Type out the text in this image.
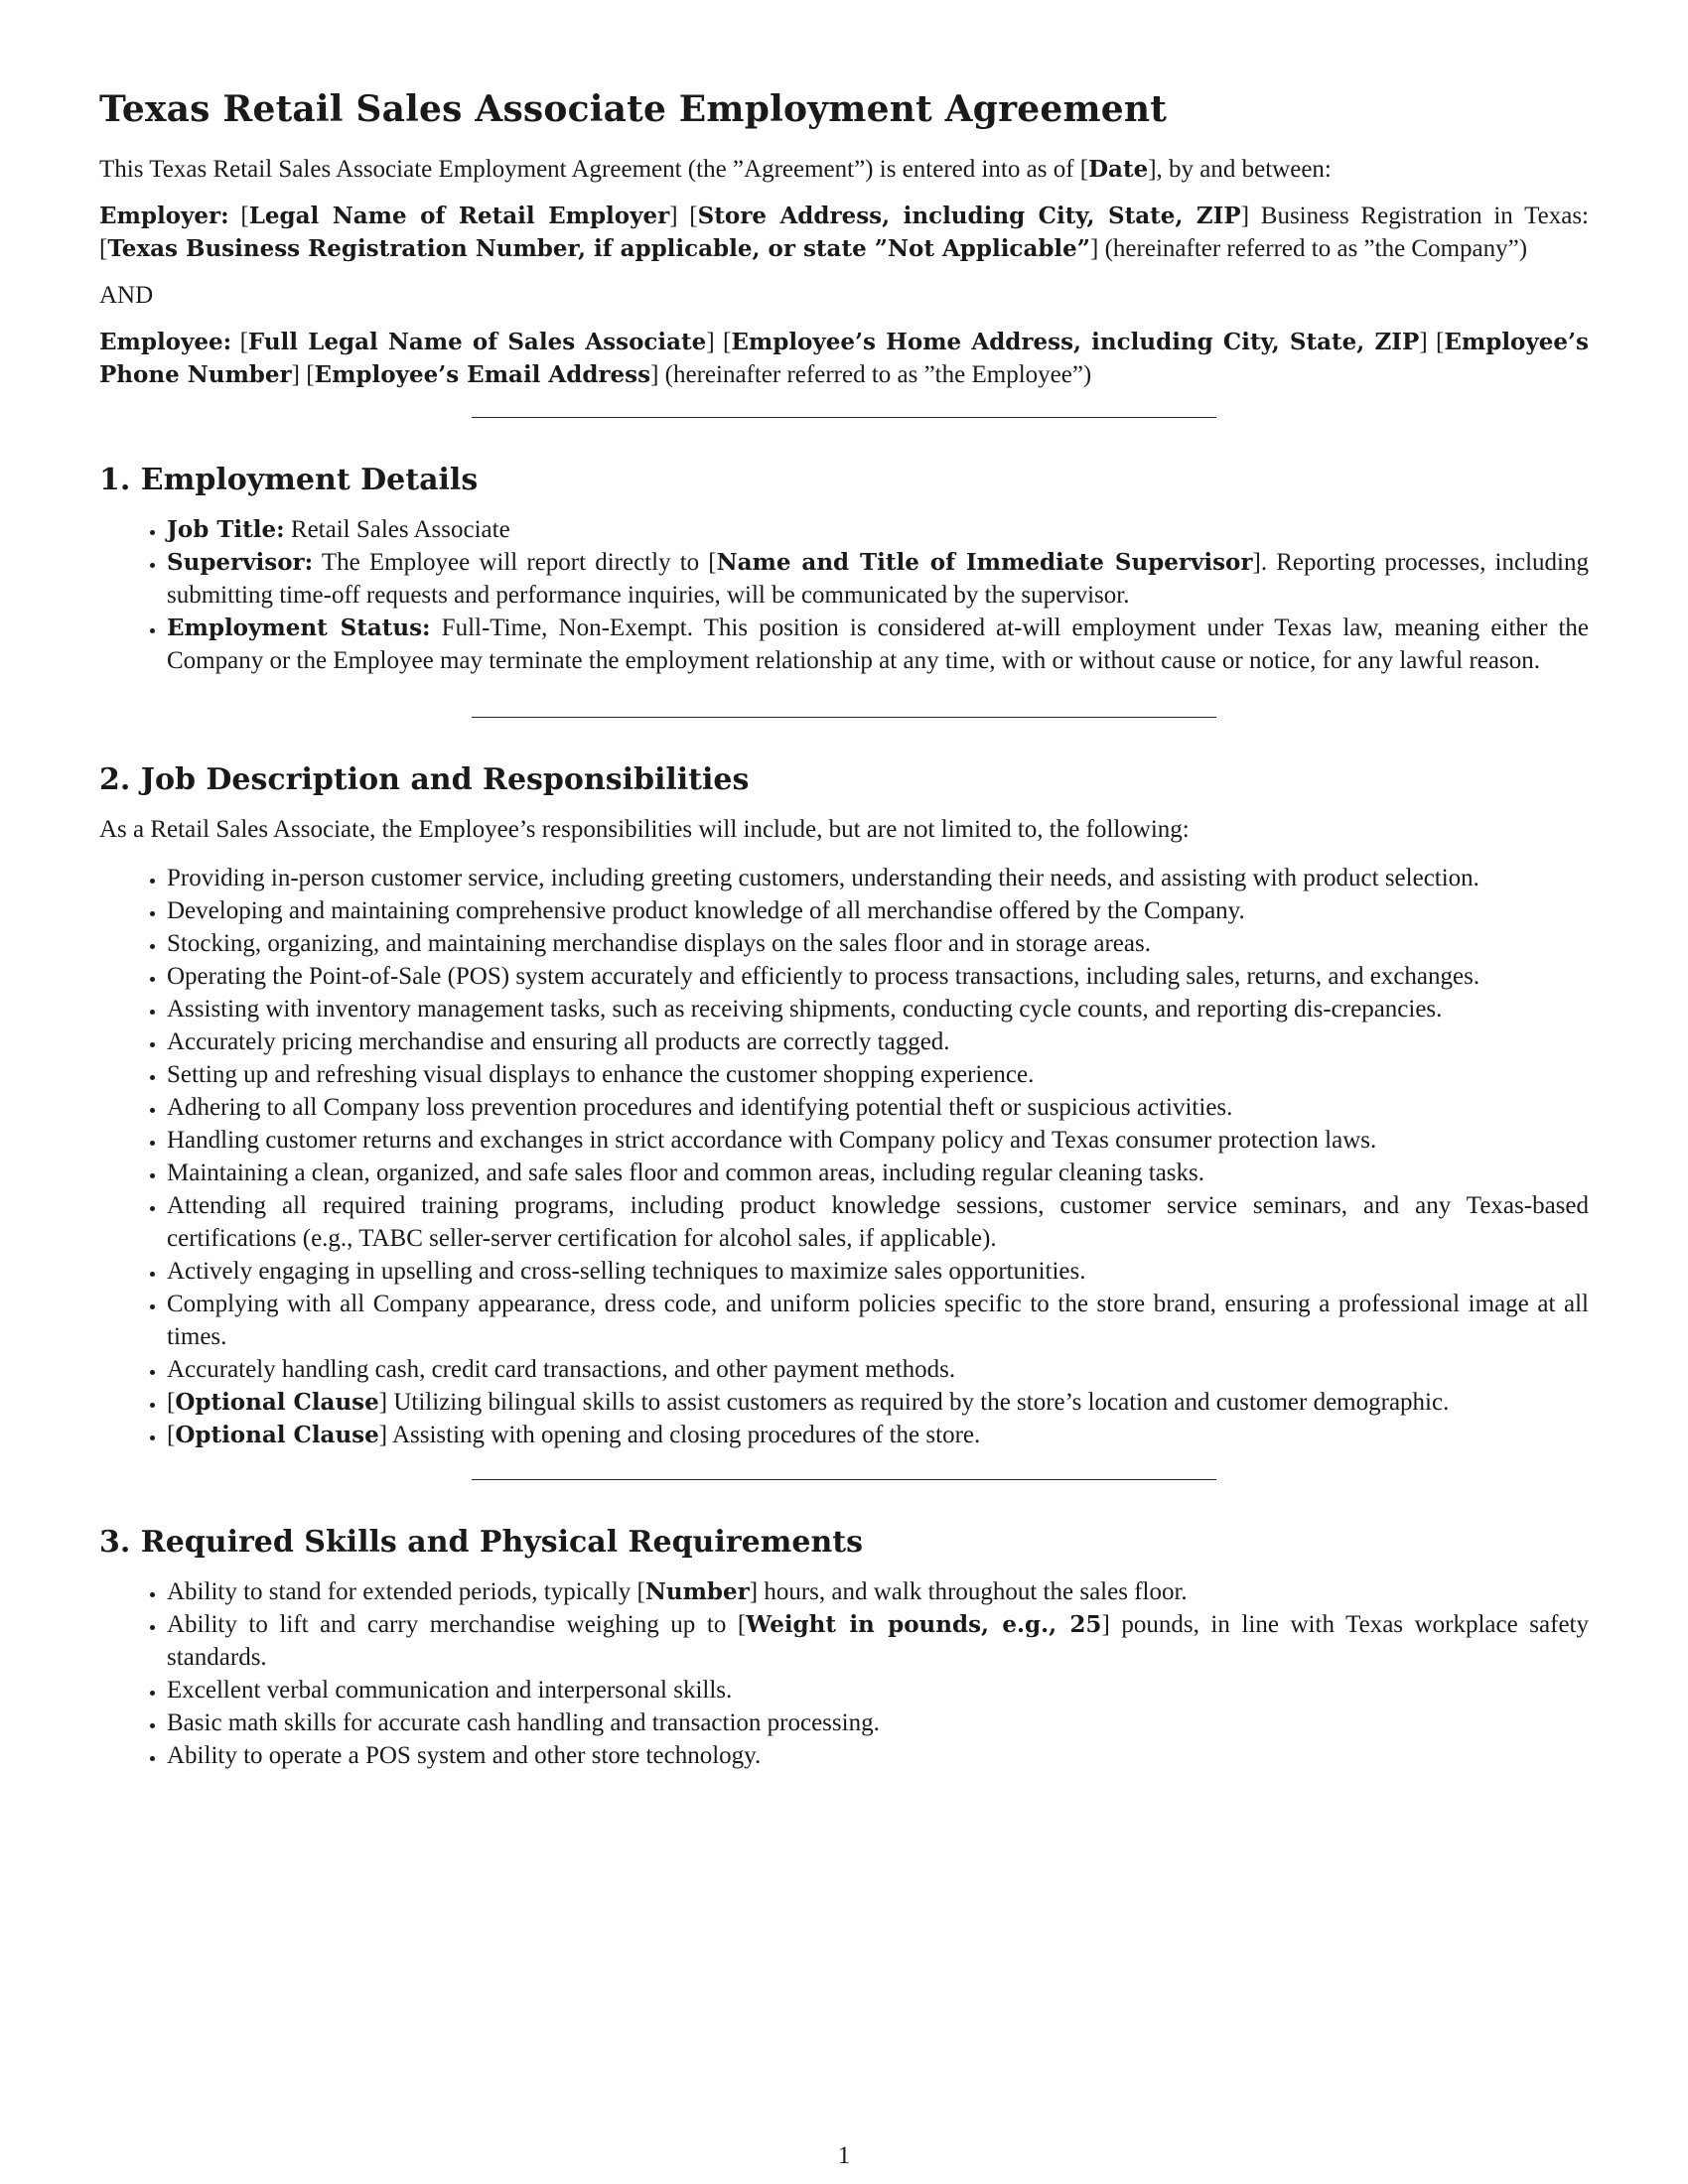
Texas Retail Sales Associate Employment Agreement

This Texas Retail Sales Associate Employment Agreement (the ”Agreement”) is entered into as of [Date], by and between:

Employer: [Legal Name of Retail Employer] [Store Address, including City, State, ZIP] Business Registration in Texas: [Texas Business Registration Number, if applicable, or state ”Not Applicable”] (hereinafter referred to as ”the Company”)

AND

Employee: [Full Legal Name of Sales Associate] [Employee’s Home Address, including City, State, ZIP] [Employee’s Phone Number] [Employee’s Email Address] (hereinafter referred to as ”the Employee”)

1. Employment Details
• Job Title: Retail Sales Associate
• Supervisor: The Employee will report directly to [Name and Title of Immediate Supervisor]. Reporting processes, including submitting time-off requests and performance inquiries, will be communicated by the supervisor.
• Employment Status: Full-Time, Non-Exempt. This position is considered at-will employment under Texas law, meaning either the Company or the Employee may terminate the employment relationship at any time, with or without cause or notice, for any lawful reason.
2. Job Description and Responsibilities

As a Retail Sales Associate, the Employee’s responsibilities will include, but are not limited to, the following:

• Providing in-person customer service, including greeting customers, understanding their needs, and assisting with product selection.
• Developing and maintaining comprehensive product knowledge of all merchandise offered by the Company.
• Stocking, organizing, and maintaining merchandise displays on the sales floor and in storage areas.
• Operating the Point-of-Sale (POS) system accurately and efficiently to process transactions, including sales, returns, and exchanges.
• Assisting with inventory management tasks, such as receiving shipments, conducting cycle counts, and reporting dis-crepancies.
• Accurately pricing merchandise and ensuring all products are correctly tagged.
• Setting up and refreshing visual displays to enhance the customer shopping experience.
• Adhering to all Company loss prevention procedures and identifying potential theft or suspicious activities.
• Handling customer returns and exchanges in strict accordance with Company policy and Texas consumer protection laws.
• Maintaining a clean, organized, and safe sales floor and common areas, including regular cleaning tasks.
• Attending all required training programs, including product knowledge sessions, customer service seminars, and any Texas-based certifications (e.g., TABC seller-server certification for alcohol sales, if applicable).
• Actively engaging in upselling and cross-selling techniques to maximize sales opportunities.
• Complying with all Company appearance, dress code, and uniform policies specific to the store brand, ensuring a professional image at all times.
• Accurately handling cash, credit card transactions, and other payment methods.
• [Optional Clause] Utilizing bilingual skills to assist customers as required by the store’s location and customer demographic.
• [Optional Clause] Assisting with opening and closing procedures of the store.
3. Required Skills and Physical Requirements
• Ability to stand for extended periods, typically [Number] hours, and walk throughout the sales floor.
• Ability to lift and carry merchandise weighing up to [Weight in pounds, e.g., 25] pounds, in line with Texas workplace safety standards.
• Excellent verbal communication and interpersonal skills.
• Basic math skills for accurate cash handling and transaction processing.
• Ability to operate a POS system and other store technology.
1
